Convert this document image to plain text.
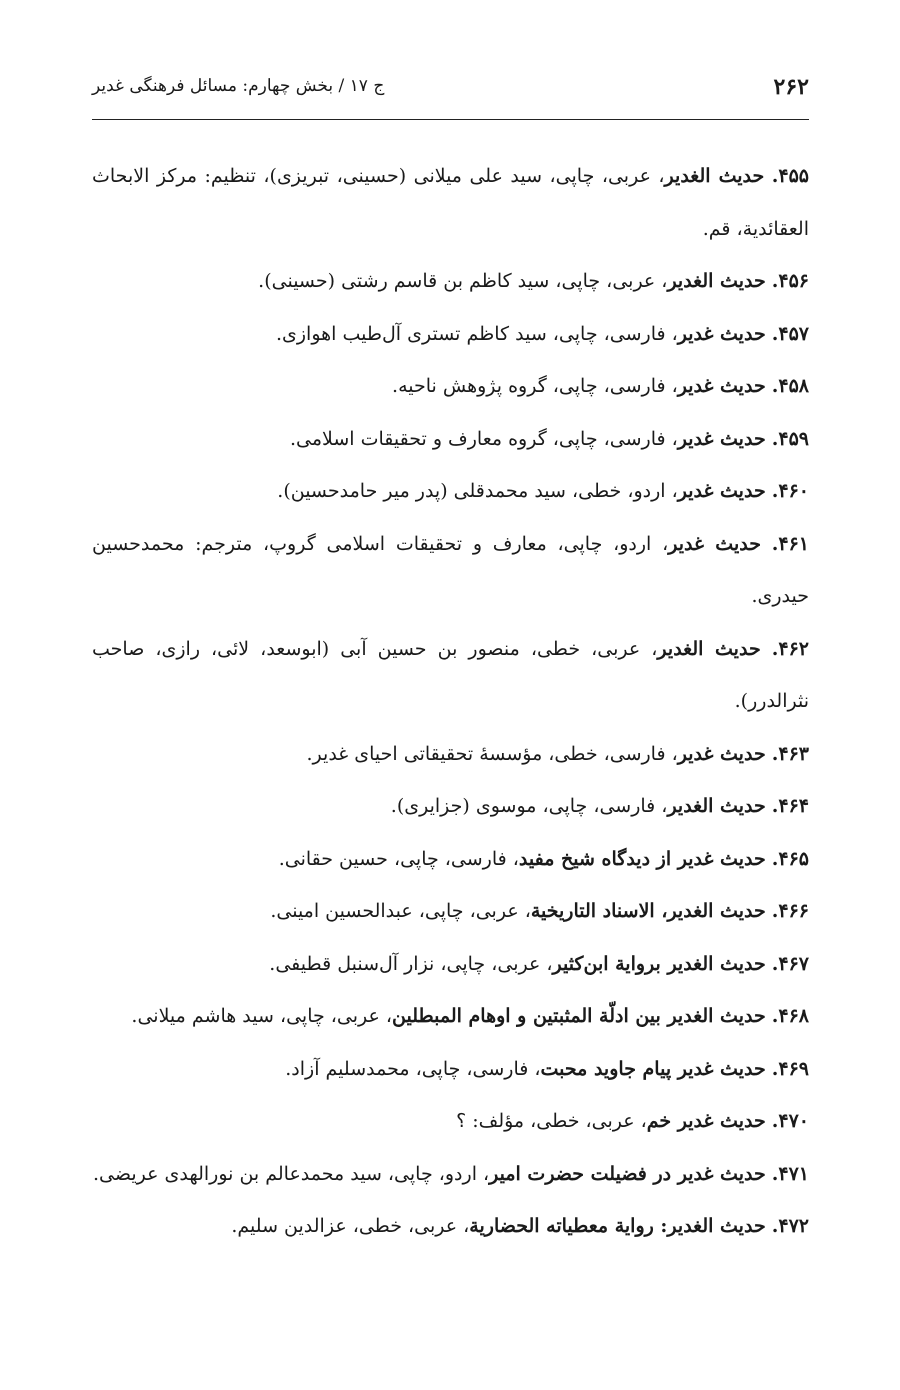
۲۶۲
ج ۱۷ / بخش چهارم: مسائل فرهنگی غدیر
۴۵۵. حدیث الغدیر، عربی، چاپی، سید علی میلانی (حسینی، تبریزی)، تنظیم: مرکز الابحاث العقائدیة، قم.
۴۵۶. حدیث الغدیر، عربی، چاپی، سید کاظم بن قاسم رشتی (حسینی).
۴۵۷. حدیث غدیر، فارسی، چاپی، سید کاظم تستری آل‌طیب اهوازی.
۴۵۸. حدیث غدیر، فارسی، چاپی، گروه پژوهش ناحیه.
۴۵۹. حدیث غدیر، فارسی، چاپی، گروه معارف و تحقیقات اسلامی.
۴۶۰. حدیث غدیر، اردو، خطی، سید محمدقلی (پدر میر حامدحسین).
۴۶۱. حدیث غدیر، اردو، چاپی، معارف و تحقیقات اسلامی گروپ، مترجم: محمدحسین حیدری.
۴۶۲. حدیث الغدیر، عربی، خطی، منصور بن حسین آبی (ابوسعد، لائی، رازی، صاحب نثرالدرر).
۴۶۳. حدیث غدیر، فارسی، خطی، مؤسسهٔ تحقیقاتی احیای غدیر.
۴۶۴. حدیث الغدیر، فارسی، چاپی، موسوی (جزایری).
۴۶۵. حدیث غدیر از دیدگاه شیخ مفید، فارسی، چاپی، حسین حقانی.
۴۶۶. حدیث الغدیر، الاسناد التاریخیة، عربی، چاپی، عبدالحسین امینی.
۴۶۷. حدیث الغدیر بروایة ابن‌کثیر، عربی، چاپی، نزار آل‌سنبل قطیفی.
۴۶۸. حدیث الغدیر بین ادلّة المثبتین و اوهام المبطلین، عربی، چاپی، سید هاشم میلانی.
۴۶۹. حدیث غدیر پیام جاوید محبت، فارسی، چاپی، محمدسلیم آزاد.
۴۷۰. حدیث غدیر خم، عربی، خطی، مؤلف: ؟
۴۷۱. حدیث غدیر در فضیلت حضرت امیر، اردو، چاپی، سید محمدعالم بن نورالهدی عریضی.
۴۷۲. حدیث الغدیر: روایة معطیاته الحضاریة، عربی، خطی، عزالدین سلیم.
